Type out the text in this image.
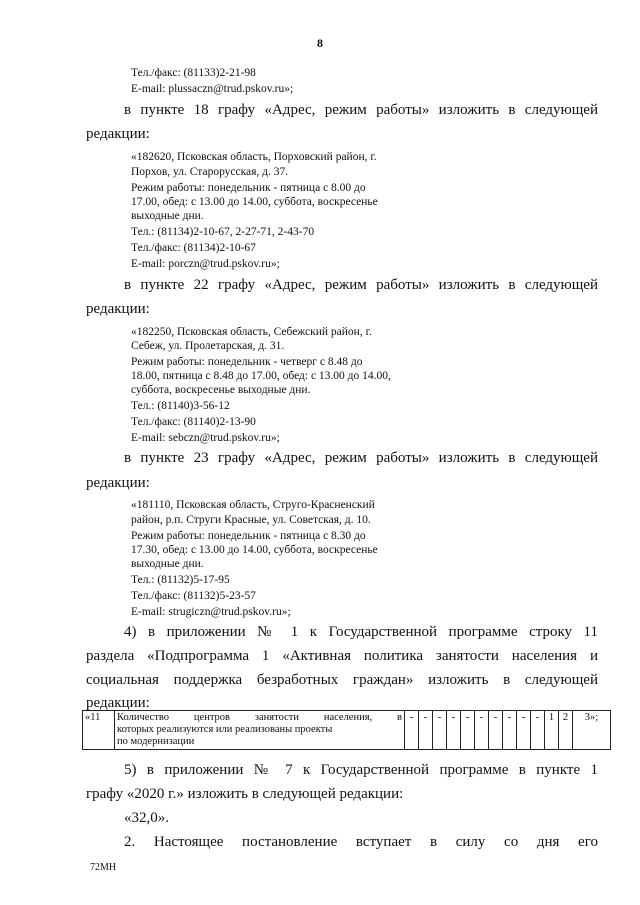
8
Тел./факс: (81133)2-21-98
E-mail: plussaczn@trud.pskov.ru»;
в пункте 18 графу «Адрес, режим работы» изложить в следующей
редакции:
«182620, Псковская область, Порховский район, г.
Порхов, ул. Старорусская, д. 37.
Режим работы: понедельник - пятница с 8.00 до
17.00, обед: с 13.00 до 14.00, суббота, воскресенье
выходные дни.
Тел.: (81134)2-10-67, 2-27-71, 2-43-70
Тел./факс: (81134)2-10-67
E-mail: porczn@trud.pskov.ru»;
в пункте 22 графу «Адрес, режим работы» изложить в следующей
редакции:
«182250, Псковская область, Себежский район, г.
Себеж, ул. Пролетарская, д. 31.
Режим работы: понедельник - четверг с 8.48 до
18.00, пятница с 8.48 до 17.00, обед: с 13.00 до 14.00,
суббота, воскресенье выходные дни.
Тел.: (81140)3-56-12
Тел./факс: (81140)2-13-90
E-mail: sebczn@trud.pskov.ru»;
в пункте 23 графу «Адрес, режим работы» изложить в следующей
редакции:
«181110, Псковская область, Струго-Красненский
район, р.п. Струги Красные, ул. Советская, д. 10.
Режим работы: понедельник - пятница с 8.30 до
17.30, обед: с 13.00 до 14.00, суббота, воскресенье
выходные дни.
Тел.: (81132)5-17-95
Тел./факс: (81132)5-23-57
E-mail: strugiczn@trud.pskov.ru»;
4) в приложении № 1 к Государственной программе строку 11
раздела «Подпрограмма 1 «Активная политика занятости населения и
социальная поддержка безработных граждан» изложить в следующей
редакции:
«11	Количество центров занятости населения, в
которых реализуются или реализованы проекты
по модернизации
	-	-	-	-	-	-	-	-	-	-	1	2	3»;
5) в приложении № 7 к Государственной программе в пункте 1
графу «2020 г.» изложить в следующей редакции:
«32,0».
2. Настоящее постановление вступает в силу со дня его
72МН
